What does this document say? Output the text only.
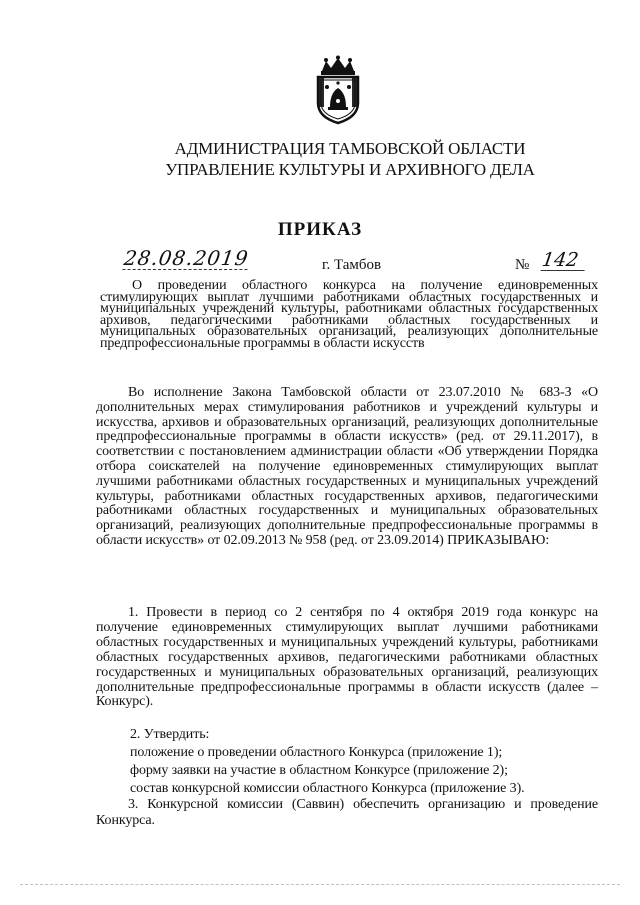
АДМИНИСТРАЦИЯ ТАМБОВСКОЙ ОБЛАСТИ
УПРАВЛЕНИЕ КУЛЬТУРЫ И АРХИВНОГО ДЕЛА
ПРИКАЗ
28.08.2019	г. Тамбов	№ 142
О проведении областного конкурса на получение единовременных стимулирующих выплат лучшими работниками областных государственных и муниципальных учреждений культуры, работниками областных государственных архивов, педагогическими работниками областных государственных и муниципальных образовательных организаций, реализующих дополнительные предпрофессиональные программы в области искусств
Во исполнение Закона Тамбовской области от 23.07.2010 № 683-З «О дополнительных мерах стимулирования работников и учреждений культуры и искусства, архивов и образовательных организаций, реализующих дополнительные предпрофессиональные программы в области искусств» (ред. от 29.11.2017), в соответствии с постановлением администрации области «Об утверждении Порядка отбора соискателей на получение единовременных стимулирующих выплат лучшими работниками областных государственных и муниципальных учреждений культуры, работниками областных государственных архивов, педагогическими работниками областных государственных и муниципальных образовательных организаций, реализующих дополнительные предпрофессиональные программы в области искусств» от 02.09.2013 № 958 (ред. от 23.09.2014) ПРИКАЗЫВАЮ:
1. Провести в период со 2 сентября по 4 октября 2019 года конкурс на получение единовременных стимулирующих выплат лучшими работниками областных государственных и муниципальных учреждений культуры, работниками областных государственных архивов, педагогическими работниками областных государственных и муниципальных образовательных организаций, реализующих дополнительные предпрофессиональные программы в области искусств (далее – Конкурс).
2. Утвердить:
положение о проведении областного Конкурса (приложение 1);
форму заявки на участие в областном Конкурсе (приложение 2);
состав конкурсной комиссии областного Конкурса (приложение 3).
3. Конкурсной комиссии (Саввин) обеспечить организацию и проведение Конкурса.
